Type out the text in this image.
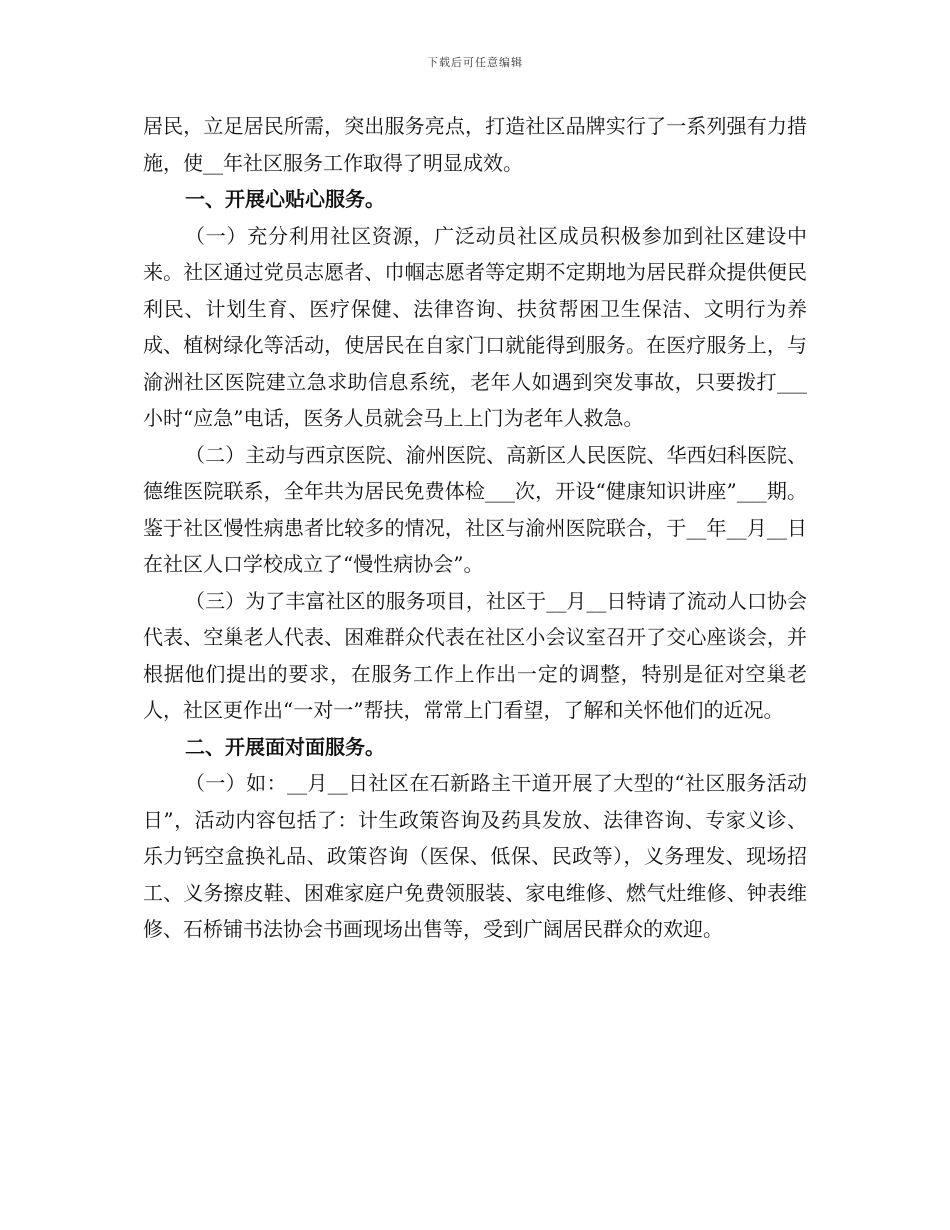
下载后可任意编辑

居民，立足居民所需，突出服务亮点，打造社区品牌实行了一系列强有力措施，使__年社区服务工作取得了明显成效。

一、开展心贴心服务。

（一）充分利用社区资源，广泛动员社区成员积极参加到社区建设中来。社区通过党员志愿者、巾帼志愿者等定期不定期地为居民群众提供便民利民、计划生育、医疗保健、法律咨询、扶贫帮困卫生保洁、文明行为养成、植树绿化等活动，使居民在自家门口就能得到服务。在医疗服务上，与渝洲社区医院建立急求助信息系统，老年人如遇到突发事故，只要拨打___小时“应急”电话，医务人员就会马上上门为老年人救急。

（二）主动与西京医院、渝州医院、高新区人民医院、华西妇科医院、德维医院联系，全年共为居民免费体检___次，开设“健康知识讲座”___期。鉴于社区慢性病患者比较多的情况，社区与渝州医院联合，于__年__月__日在社区人口学校成立了“慢性病协会”。

（三）为了丰富社区的服务项目，社区于__月__日特请了流动人口协会代表、空巢老人代表、困难群众代表在社区小会议室召开了交心座谈会，并根据他们提出的要求，在服务工作上作出一定的调整，特别是征对空巢老人，社区更作出“一对一”帮扶，常常上门看望，了解和关怀他们的近况。

二、开展面对面服务。

（一）如：__月__日社区在石新路主干道开展了大型的“社区服务活动日”，活动内容包括了：计生政策咨询及药具发放、法律咨询、专家义诊、乐力钙空盒换礼品、政策咨询（医保、低保、民政等），义务理发、现场招工、义务擦皮鞋、困难家庭户免费领服装、家电维修、燃气灶维修、钟表维修、石桥铺书法协会书画现场出售等，受到广阔居民群众的欢迎。
